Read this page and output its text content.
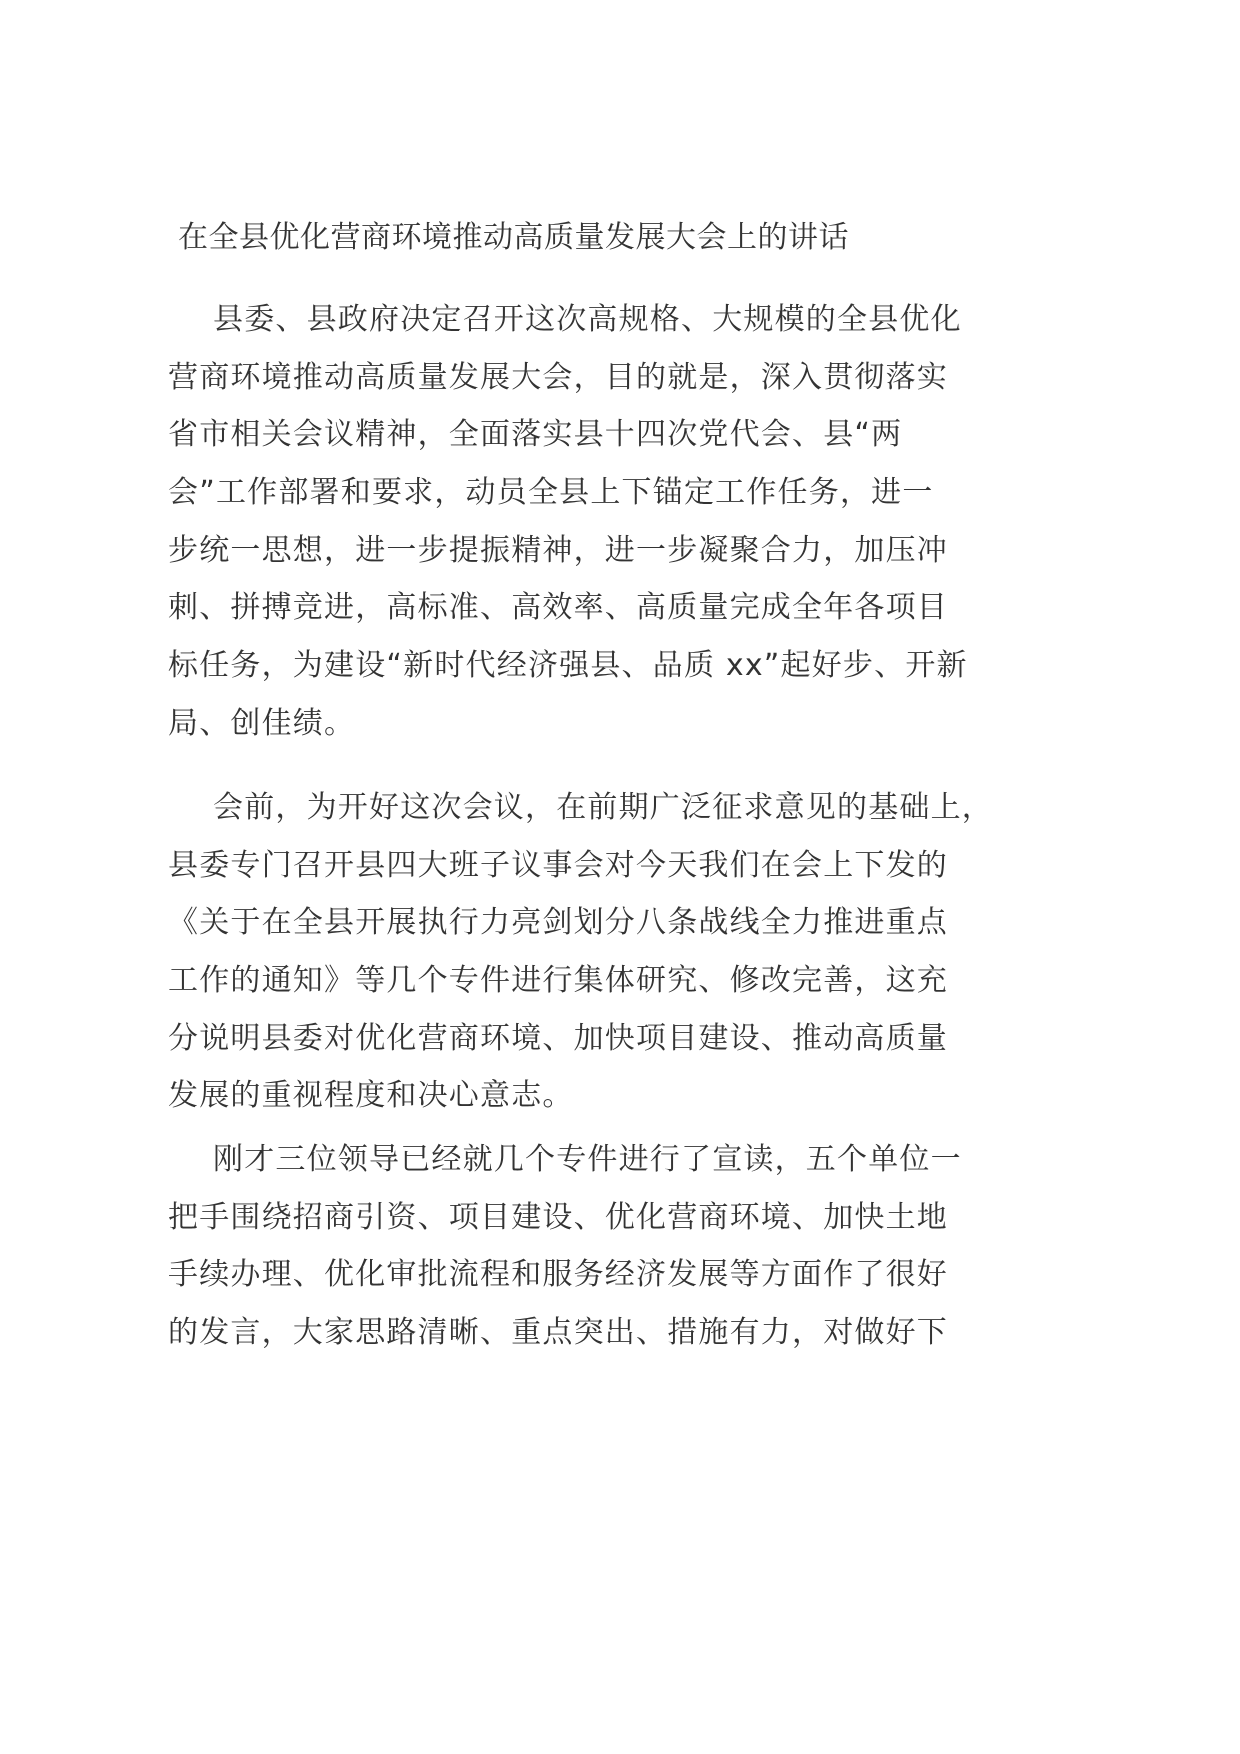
在全县优化营商环境推动高质量发展大会上的讲话
县委、县政府决定召开这次高规格、大规模的全县优化
营商环境推动高质量发展大会，目的就是，深入贯彻落实
省市相关会议精神，全面落实县十四次党代会、县“两
会”工作部署和要求，动员全县上下锚定工作任务，进一
步统一思想，进一步提振精神，进一步凝聚合力，加压冲
刺、拼搏竞进，高标准、高效率、高质量完成全年各项目
标任务，为建设“新时代经济强县、品质 xx”起好步、开新
局、创佳绩。
会前，为开好这次会议，在前期广泛征求意见的基础上，
县委专门召开县四大班子议事会对今天我们在会上下发的
《关于在全县开展执行力亮剑划分八条战线全力推进重点
工作的通知》等几个专件进行集体研究、修改完善，这充
分说明县委对优化营商环境、加快项目建设、推动高质量
发展的重视程度和决心意志。
刚才三位领导已经就几个专件进行了宣读，五个单位一
把手围绕招商引资、项目建设、优化营商环境、加快土地
手续办理、优化审批流程和服务经济发展等方面作了很好
的发言，大家思路清晰、重点突出、措施有力，对做好下
